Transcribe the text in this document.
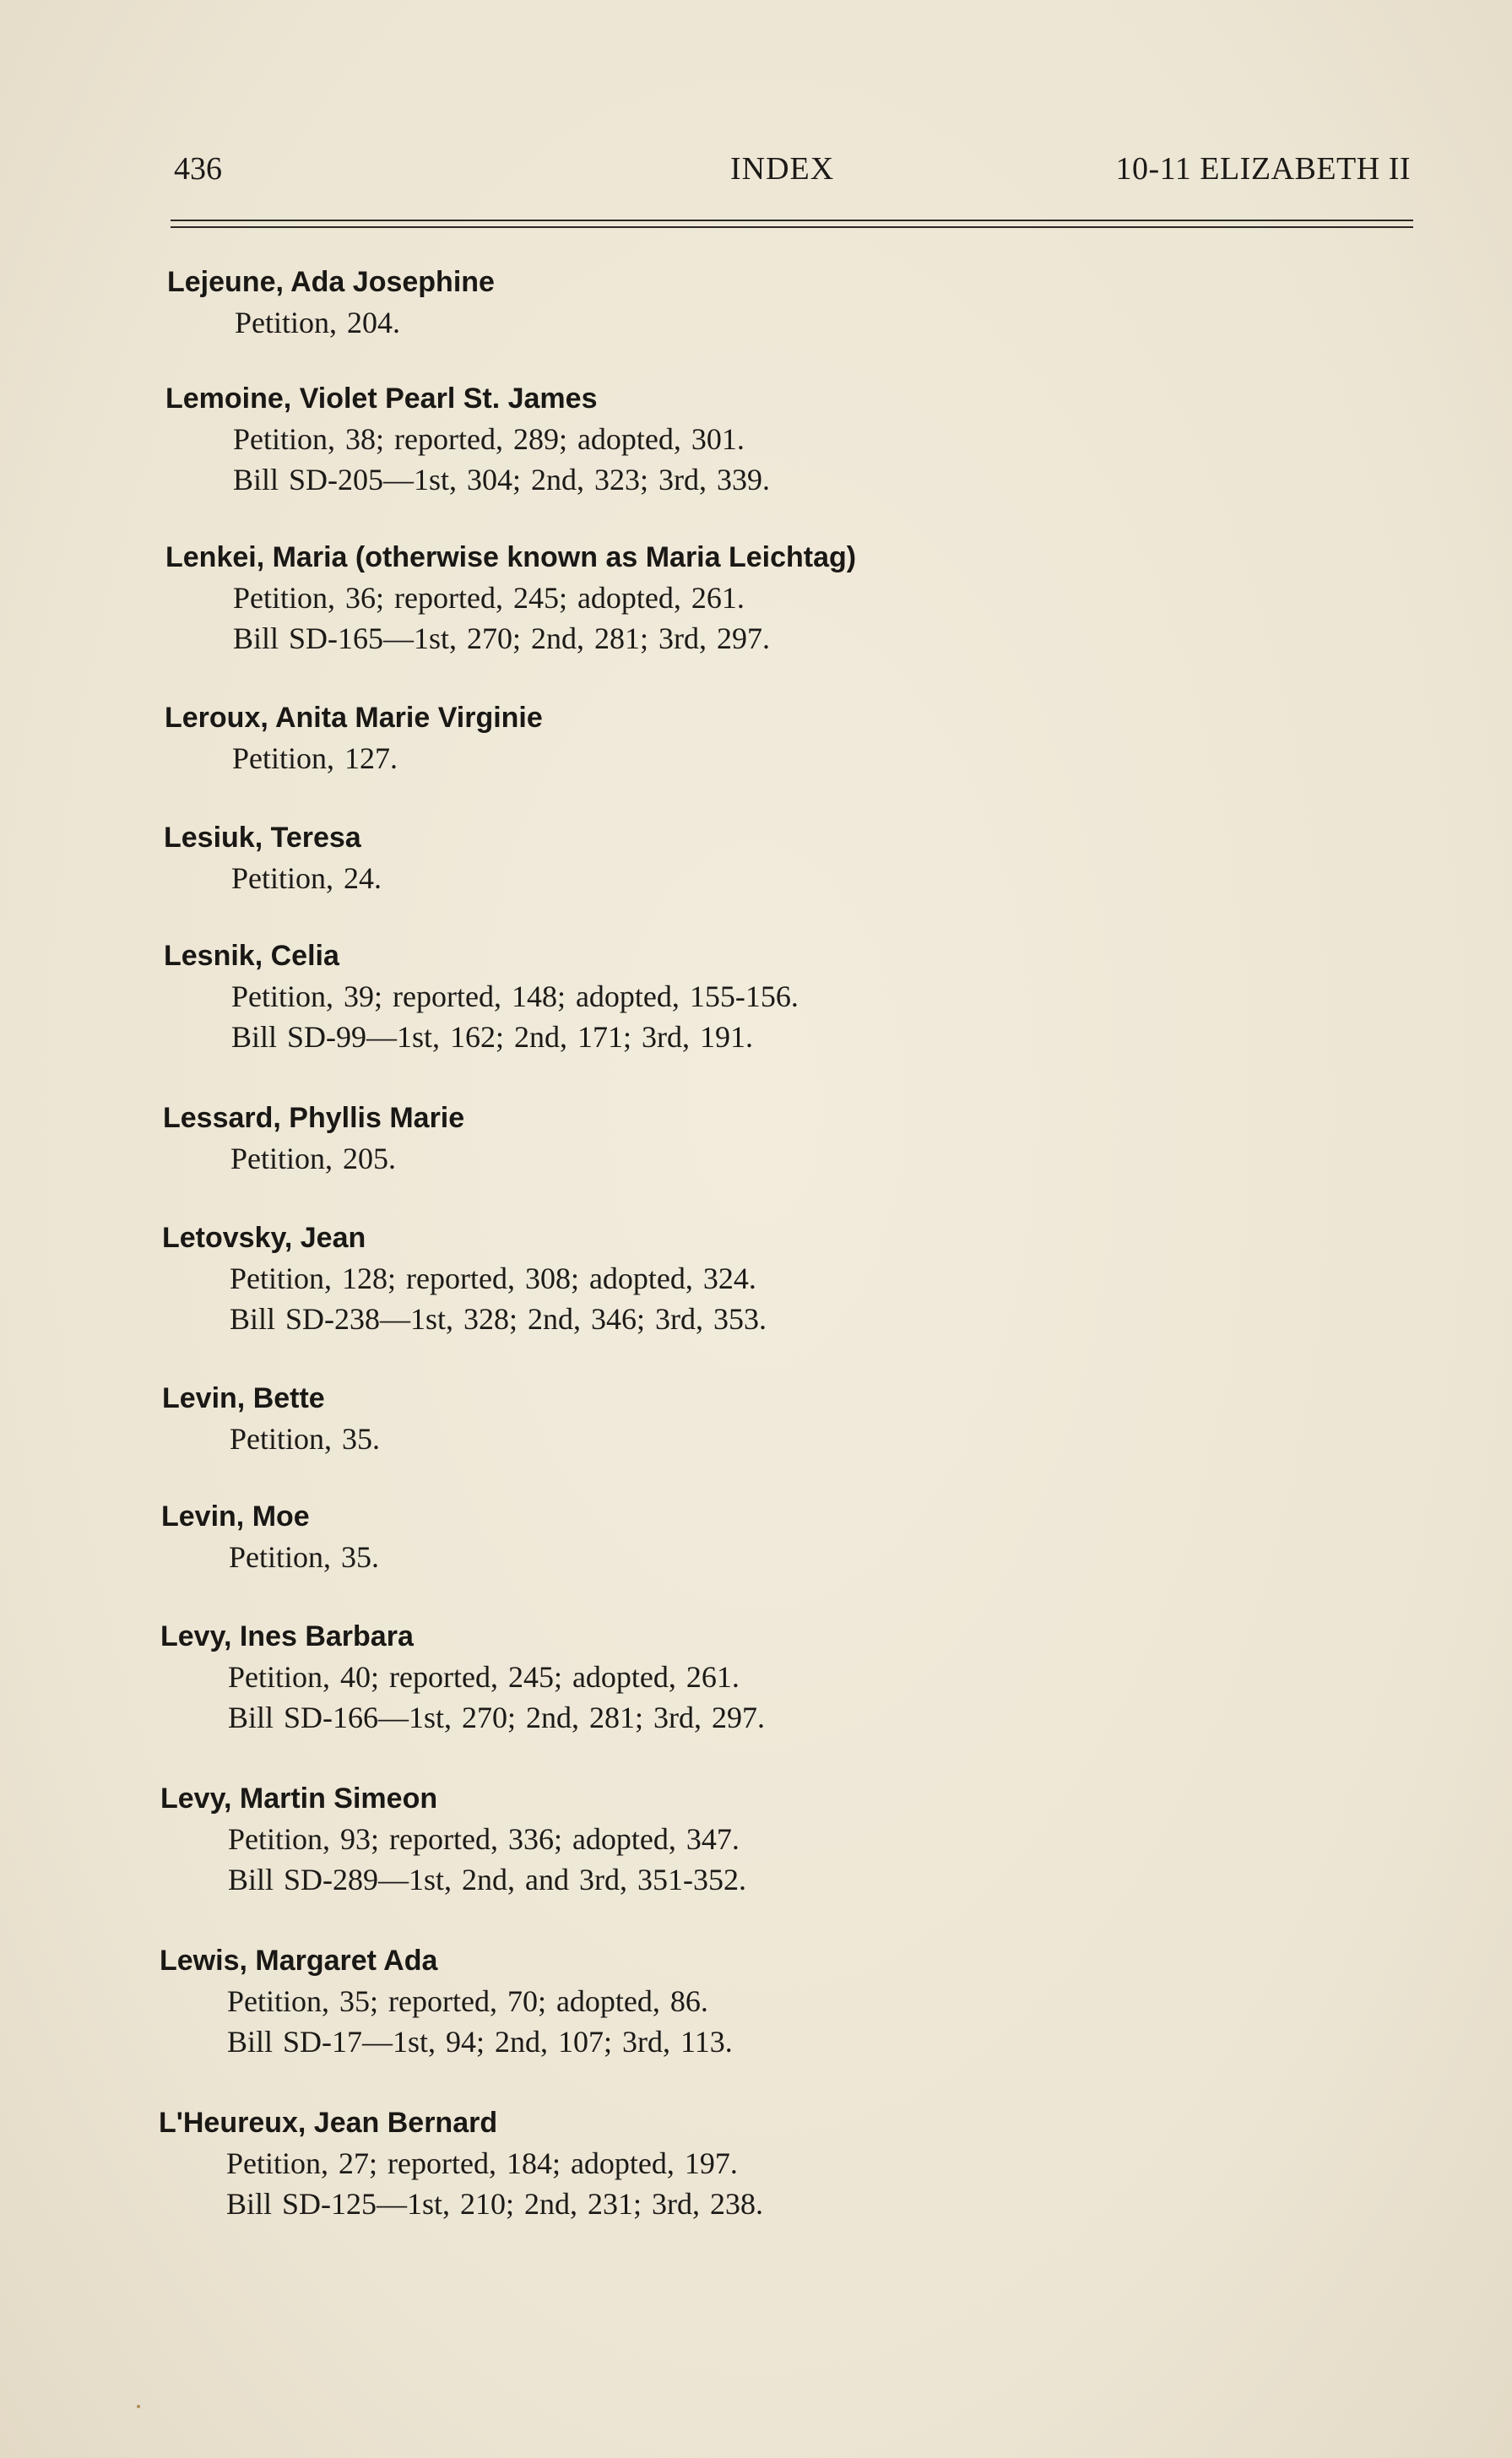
436	INDEX	10-11 ELIZABETH II
Lejeune, Ada Josephine
Petition, 204.
Lemoine, Violet Pearl St. James
Petition, 38; reported, 289; adopted, 301.
Bill SD-205—1st, 304; 2nd, 323; 3rd, 339.
Lenkei, Maria (otherwise known as Maria Leichtag)
Petition, 36; reported, 245; adopted, 261.
Bill SD-165—1st, 270; 2nd, 281; 3rd, 297.
Leroux, Anita Marie Virginie
Petition, 127.
Lesiuk, Teresa
Petition, 24.
Lesnik, Celia
Petition, 39; reported, 148; adopted, 155-156.
Bill SD-99—1st, 162; 2nd, 171; 3rd, 191.
Lessard, Phyllis Marie
Petition, 205.
Letovsky, Jean
Petition, 128; reported, 308; adopted, 324.
Bill SD-238—1st, 328; 2nd, 346; 3rd, 353.
Levin, Bette
Petition, 35.
Levin, Moe
Petition, 35.
Levy, Ines Barbara
Petition, 40; reported, 245; adopted, 261.
Bill SD-166—1st, 270; 2nd, 281; 3rd, 297.
Levy, Martin Simeon
Petition, 93; reported, 336; adopted, 347.
Bill SD-289—1st, 2nd, and 3rd, 351-352.
Lewis, Margaret Ada
Petition, 35; reported, 70; adopted, 86.
Bill SD-17—1st, 94; 2nd, 107; 3rd, 113.
L'Heureux, Jean Bernard
Petition, 27; reported, 184; adopted, 197.
Bill SD-125—1st, 210; 2nd, 231; 3rd, 238.
